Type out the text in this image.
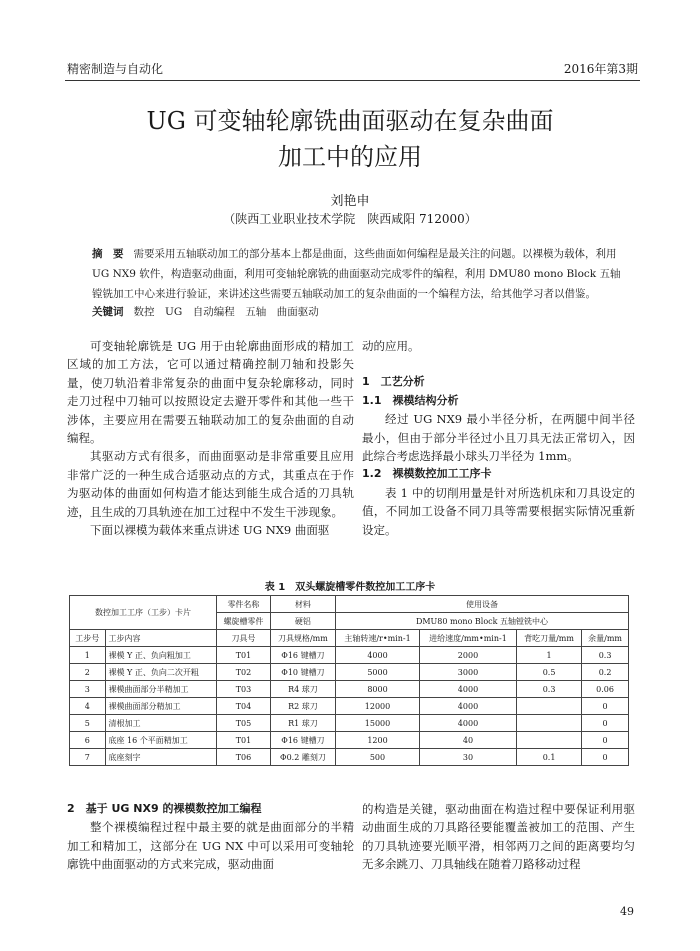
精密制造与自动化	2016年第3期
UG 可变轴轮廓铣曲面驱动在复杂曲面
加工中的应用
刘艳申
（陕西工业职业技术学院　陕西咸阳 712000）
摘　要 需要采用五轴联动加工的部分基本上都是曲面，这些曲面如何编程是最关注的问题。以裸模为载体，利用 UG NX9 软件，构造驱动曲面，利用可变轴轮廓铣的曲面驱动完成零件的编程，利用 DMU80 mono Block 五轴镗铣加工中心来进行验证，来讲述这些需要五轴联动加工的复杂曲面的一个编程方法，给其他学习者以借鉴。
关键词 数控　UG　自动编程　五轴　曲面驱动

可变轴轮廓铣是 UG 用于由轮廓曲面形成的精加工区域的加工方法，它可以通过精确控制刀轴和投影矢量，使刀轨沿着非常复杂的曲面中复杂轮廓移动，同时走刀过程中刀轴可以按照设定去避开零件和其他一些干涉体，主要应用在需要五轴联动加工的复杂曲面的自动编程。

其驱动方式有很多，而曲面驱动是非常重要且应用非常广泛的一种生成合适驱动点的方式，其重点在于作为驱动体的曲面如何构造才能达到能生成合适的刀具轨迹，且生成的刀具轨迹在加工过程中不发生干涉现象。

下面以裸模为载体来重点讲述 UG NX9 曲面驱

动的应用。

1　工艺分析
1.1　裸模结构分析

经过 UG NX9 最小半径分析，在两腿中间半径最小，但由于部分半径过小且刀具无法正常切入，因此综合考虑选择最小球头刀半径为 1mm。

1.2　裸模数控加工工序卡

表 1 中的切削用量是针对所选机床和刀具设定的值，不同加工设备不同刀具等需要根据实际情况重新设定。

表 1　双头螺旋槽零件数控加工工序卡
数控加工工序（工步）卡片		零件名称	材料	使用设备			
		螺旋槽零件	硬铝	DMU80 mono Block 五轴镗铣中心			
工步号	工步内容	刀具号	刀具规格/mm	主轴转速/r•min-1	进给速度/mm•min-1	背吃刀量/mm	余量/mm
1	裸模 Y 正、负向粗加工	T01	Φ16 键槽刀	4000	2000	1	0.3
2	裸模 Y 正、负向二次开粗	T02	Φ10 键槽刀	5000	3000	0.5	0.2
3	裸模曲面部分半精加工	T03	R4 球刀	8000	4000	0.3	0.06
4	裸模曲面部分精加工	T04	R2 球刀	12000	4000		0
5	清根加工	T05	R1 球刀	15000	4000		0
6	底座 16 个平面精加工	T01	Φ16 键槽刀	1200	40		0
7	底座刻字	T06	Φ0.2 雕刻刀	500	30	0.1	0
2　基于 UG NX9 的裸模数控加工编程

整个裸模编程过程中最主要的就是曲面部分的半精加工和精加工，这部分在 UG NX 中可以采用可变轴轮廓铣中曲面驱动的方式来完成，驱动曲面

的构造是关键，驱动曲面在构造过程中要保证利用驱动曲面生成的刀具路径要能覆盖被加工的范围、产生的刀具轨迹要光顺平滑，相邻两刀之间的距离要均匀无多余跳刀、刀具轴线在随着刀路移动过程

49
